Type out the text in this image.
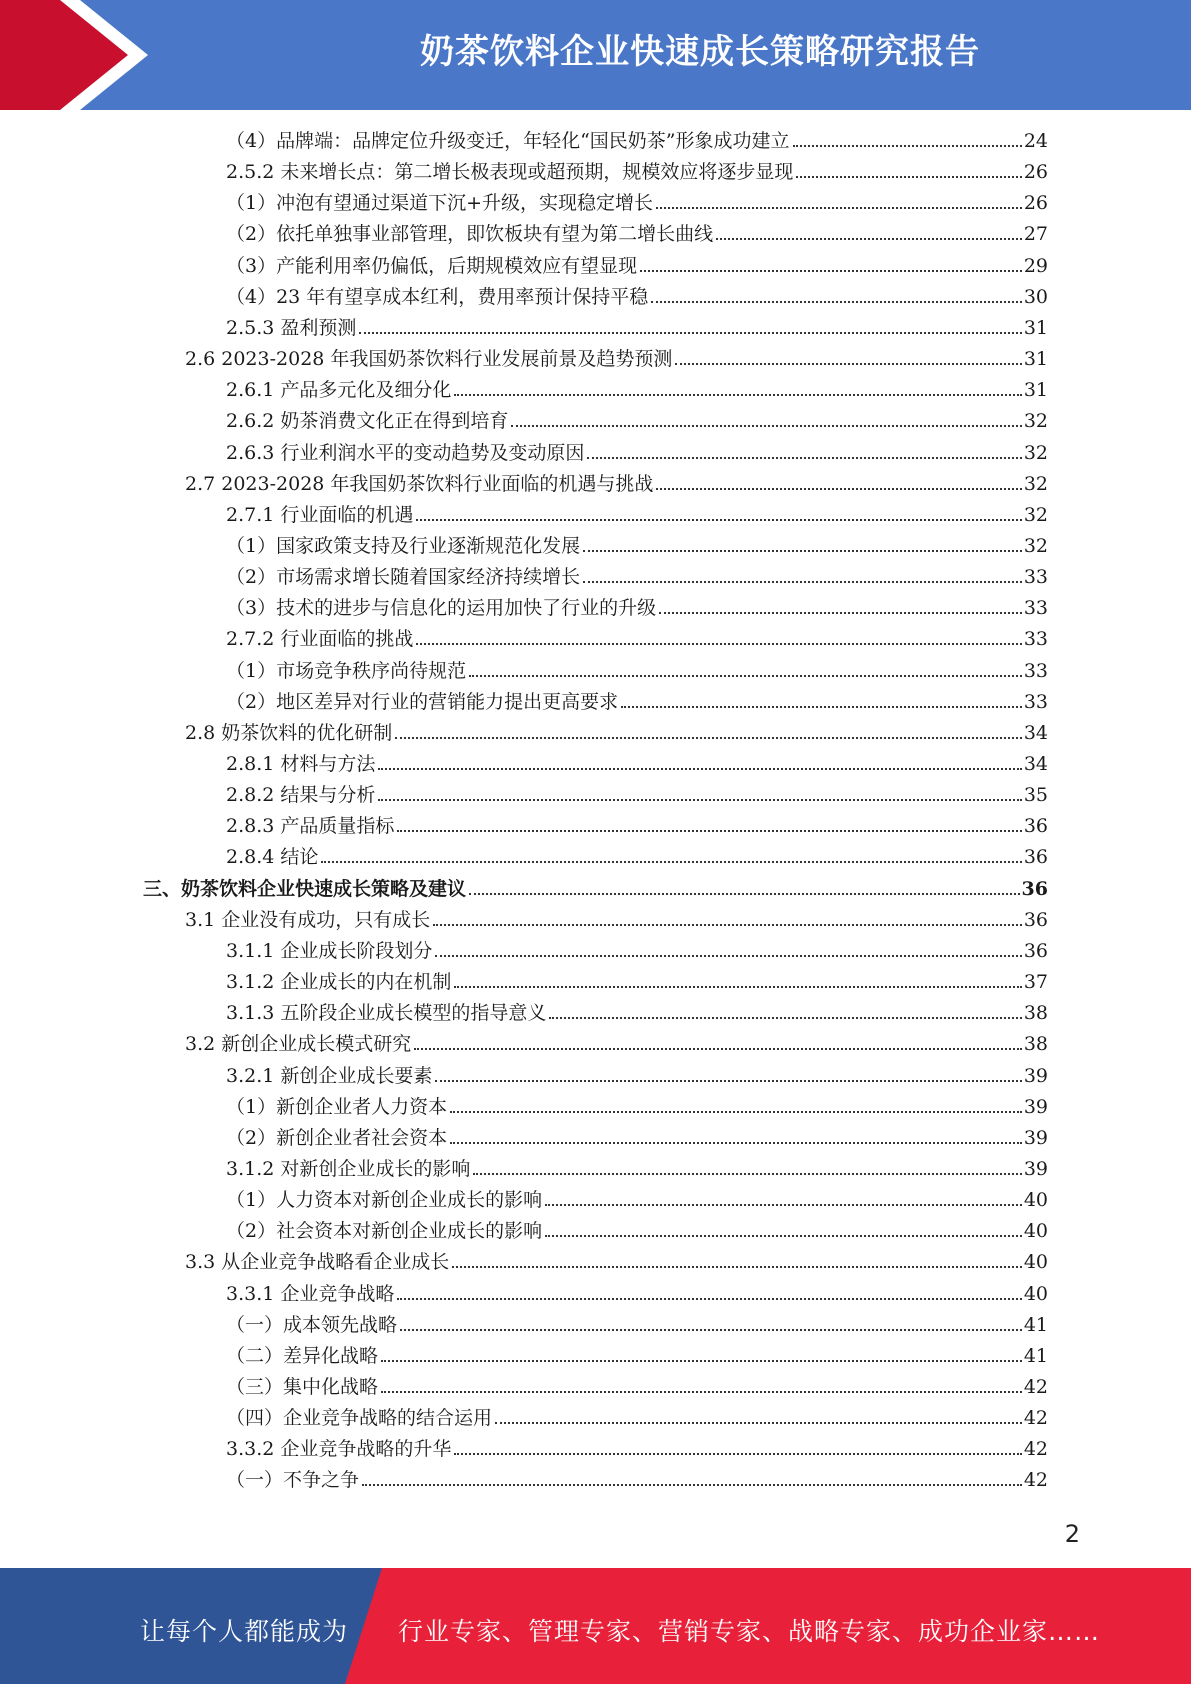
奶茶饮料企业快速成长策略研究报告
（4）品牌端：品牌定位升级变迁，年轻化“国民奶茶”形象成功建立	24
2.5.2 未来增长点：第二增长极表现或超预期，规模效应将逐步显现	26
（1）冲泡有望通过渠道下沉+升级，实现稳定增长	26
（2）依托单独事业部管理，即饮板块有望为第二增长曲线	27
（3）产能利用率仍偏低，后期规模效应有望显现	29
（4）23 年有望享成本红利，费用率预计保持平稳	30
2.5.3 盈利预测	31
2.6 2023-2028 年我国奶茶饮料行业发展前景及趋势预测	31
2.6.1 产品多元化及细分化	31
2.6.2 奶茶消费文化正在得到培育	32
2.6.3 行业利润水平的变动趋势及变动原因	32
2.7 2023-2028 年我国奶茶饮料行业面临的机遇与挑战	32
2.7.1 行业面临的机遇	32
（1）国家政策支持及行业逐渐规范化发展	32
（2）市场需求增长随着国家经济持续增长	33
（3）技术的进步与信息化的运用加快了行业的升级	33
2.7.2 行业面临的挑战	33
（1）市场竞争秩序尚待规范	33
（2）地区差异对行业的营销能力提出更高要求	33
2.8 奶茶饮料的优化研制	34
2.8.1 材料与方法	34
2.8.2 结果与分析	35
2.8.3 产品质量指标	36
2.8.4 结论	36
三、奶茶饮料企业快速成长策略及建议	36
3.1 企业没有成功，只有成长	36
3.1.1 企业成长阶段划分	36
3.1.2 企业成长的内在机制	37
3.1.3 五阶段企业成长模型的指导意义	38
3.2 新创企业成长模式研究	38
3.2.1 新创企业成长要素	39
（1）新创企业者人力资本	39
（2）新创企业者社会资本	39
3.1.2 对新创企业成长的影响	39
（1）人力资本对新创企业成长的影响	40
（2）社会资本对新创企业成长的影响	40
3.3 从企业竞争战略看企业成长	40
3.3.1 企业竞争战略	40
（一）成本领先战略	41
（二）差异化战略	41
（三）集中化战略	42
（四）企业竞争战略的结合运用	42
3.3.2 企业竞争战略的升华	42
（一）不争之争	42
2
让每个人都能成为 行业专家、管理专家、营销专家、战略专家、成功企业家……
